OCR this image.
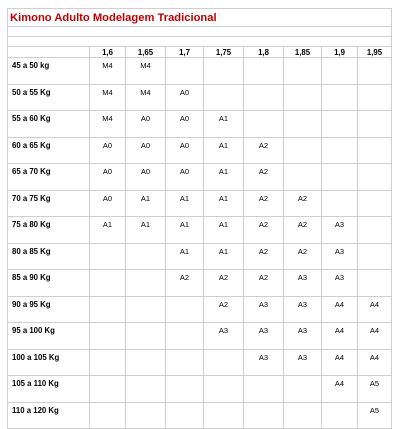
Kimono Adulto Modelagem Tradicional								

	1,6	1,65	1,7	1,75	1,8	1,85	1,9	1,95
45 a 50 kg	M4	M4						
50 a 55 Kg	M4	M4	A0					
55 a 60 Kg	M4	A0	A0	A1				
60 a 65 Kg	A0	A0	A0	A1	A2			
65 a 70 Kg	A0	A0	A0	A1	A2			
70 a 75 Kg	A0	A1	A1	A1	A2	A2		
75 a 80 Kg	A1	A1	A1	A1	A2	A2	A3	
80 a 85 Kg			A1	A1	A2	A2	A3	
85 a 90 Kg			A2	A2	A2	A3	A3	
90 a 95 Kg				A2	A3	A3	A4	A4
95 a 100 Kg				A3	A3	A3	A4	A4
100 a 105 Kg					A3	A3	A4	A4
105 a 110 Kg							A4	A5
110 a 120 Kg								A5
